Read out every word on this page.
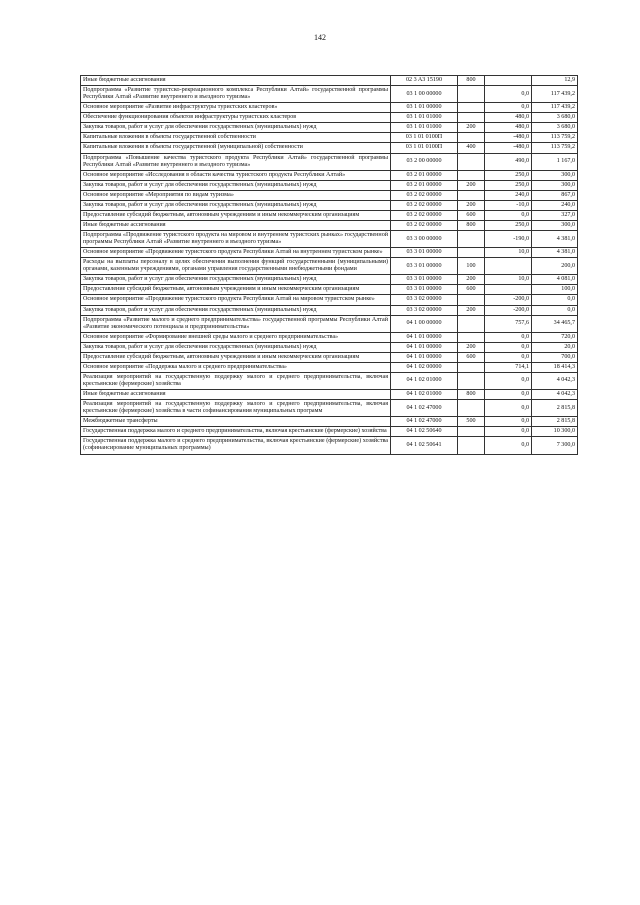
142
Иные бюджетные ассигнования	02 3 A3 15190	800		12,9
Подпрограмма «Развитие туристско-рекреационного комплекса Республики Алтай» государственной программы Республики Алтай «Развитие внутреннего и въездного туризма»	03 1 00 00000		0,0	117 439,2
Основное мероприятие «Развитие инфраструктуры туристских кластеров»	03 1 01 00000		0,0	117 439,2
Обеспечение функционирования объектов инфраструктуры туристских кластеров	03 1 01 01000		480,0	3 680,0
Закупка товаров, работ и услуг для обеспечения государственных (муниципальных) нужд	03 1 01 01000	200	480,0	3 680,0
Капитальные вложения в объекты государственной собственности	03 1 01 0100П		-480,0	113 759,2
Капитальные вложения в объекты государственной (муниципальной) собственности	03 1 01 0100П	400	-480,0	113 759,2
Подпрограмма «Повышение качества туристского продукта Республики Алтай» государственной программы Республики Алтай «Развитие внутреннего и въездного туризма»	03 2 00 00000		490,0	1 167,0
Основное мероприятие «Исследования в области качества туристского продукта Республики Алтай»	03 2 01 00000		250,0	300,0
Закупка товаров, работ и услуг для обеспечения государственных (муниципальных) нужд	03 2 01 00000	200	250,0	300,0
Основное мероприятие «Мероприятия по видам туризма»	03 2 02 00000		240,0	867,0
Закупка товаров, работ и услуг для обеспечения государственных (муниципальных) нужд	03 2 02 00000	200	-10,0	240,0
Предоставление субсидий бюджетным, автономным учреждениям и иным некоммерческим организациям	03 2 02 00000	600	0,0	327,0
Иные бюджетные ассигнования	03 2 02 00000	800	250,0	300,0
Подпрограмма «Продвижение туристского продукта на мировом и внутреннем туристских рынках» государственной программы Республики Алтай «Развитие внутреннего и въездного туризма»	03 3 00 00000		-190,0	4 381,0
Основное мероприятие «Продвижение туристского продукта Республики Алтай на внутреннем туристском рынке»	03 3 01 00000		10,0	4 381,0
Расходы на выплаты персоналу в целях обеспечения выполнения функций государственными (муниципальными) органами, казенными учреждениями, органами управления государственными внебюджетными фондами	03 3 01 00000	100		200,0
Закупка товаров, работ и услуг для обеспечения государственных (муниципальных) нужд	03 3 01 00000	200	10,0	4 081,0
Предоставление субсидий бюджетным, автономным учреждениям и иным некоммерческим организациям	03 3 01 00000	600		100,0
Основное мероприятие «Продвижение туристского продукта Республики Алтай на мировом туристском рынке»	03 3 02 00000		-200,0	0,0
Закупка товаров, работ и услуг для обеспечения государственных (муниципальных) нужд	03 3 02 00000	200	-200,0	0,0
Подпрограмма «Развитие малого и среднего предпринимательства» государственной программы Республики Алтай «Развитие экономического потенциала и предпринимательства»	04 1 00 00000		757,6	34 465,7
Основное мероприятие «Формирование внешней среды малого и среднего предпринимательства»	04 1 01 00000		0,0	720,0
Закупка товаров, работ и услуг для обеспечения государственных (муниципальных) нужд	04 1 01 00000	200	0,0	20,0
Предоставление субсидий бюджетным, автономным учреждениям и иным некоммерческим организациям	04 1 01 00000	600	0,0	700,0
Основное мероприятие «Поддержка малого и среднего предпринимательства»	04 1 02 00000		714,1	18 414,3
Реализация мероприятий на государственную поддержку малого и среднего предпринимательства, включая крестьянские (фермерские) хозяйства	04 1 02 01000		0,0	4 042,3
Иные бюджетные ассигнования	04 1 02 01000	800	0,0	4 042,3
Реализация мероприятий на государственную поддержку малого и среднего предпринимательства, включая крестьянские (фермерские) хозяйства в части софинансирования муниципальных программ	04 1 02 47000		0,0	2 815,8
Межбюджетные трансферты	04 1 02 47000	500	0,0	2 815,8
Государственная поддержка малого и среднего предпринимательства, включая крестьянские (фермерские) хозяйства	04 1 02 50640		0,0	10 300,0
Государственная поддержка малого и среднего предпринимательства, включая крестьянские (фермерские) хозяйства (софинансирование муниципальных программы)	04 1 02 50641		0,0	7 300,0
